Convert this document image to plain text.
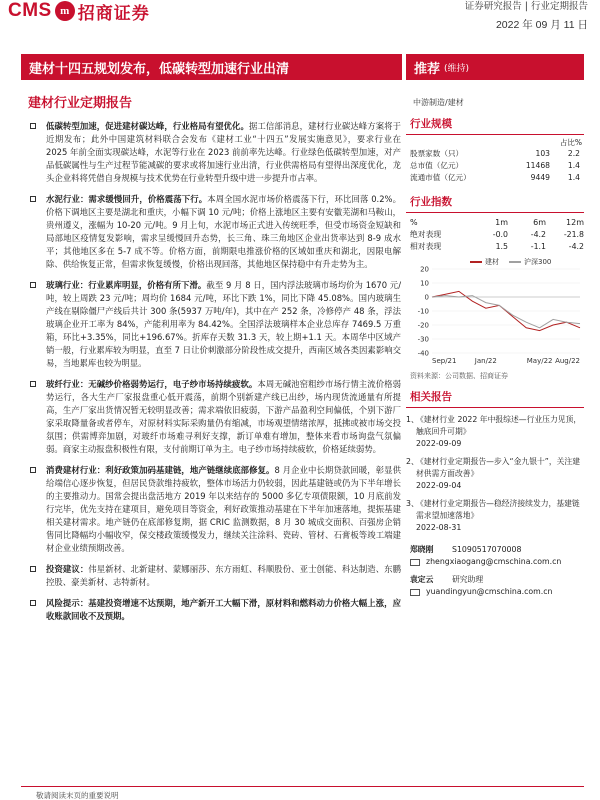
CMS m 招商证券	证券研究报告 | 行业定期报告
2022 年 09 月 11 日
建材十四五规划发布，低碳转型加速行业出清	推荐 (维持)
建材行业定期报告	中游制造/建材
低碳转型加速，促进建材碳达峰，行业格局有望优化。据工信部消息，建材行业碳达峰方案将于近期发布；此外中国建筑材料联合会发布《建材工业“十四五”发展实施意见》，要求行业在 2025 年前全面实现碳达峰，水泥等行业在 2023 前前率先达峰。行业绿色低碳转型加速，对产品低碳属性与生产过程节能减碳的要求或将加速行业出清，行业供需格局有望得出深度优化，龙头企业料将凭借自身规模与技术优势在行业转型升级中进一步提升市占率。
水泥行业：需求缓慢回升，价格震荡下行。本周全国水泥市场价格震荡下行，环比回落 0.2%。价格下调地区主要是湖北和重庆，小幅下调 10 元/吨；价格上涨地区主要有安徽芜湖和马鞍山，贵州遵义，涨幅为 10-20 元/吨。9 月上旬，水泥市场正式进入传统旺季，但受市场资金短缺和局部地区疫情复发影响，需求呈缓慢回升态势，长三角、珠三角地区企业出货率达到 8-9 成水平；其他地区多在 5-7 成不等。价格方面，前期限电推涨价格的区域如重庆和湖北，因限电解除、供给恢复正常，但需求恢复缓慢，价格出现回落，其他地区保持稳中有升走势为主。
玻璃行业：行业累库明显，价格有所下滑。截至 9 月 8 日，国内浮法玻璃市场均价为 1670 元/吨，较上周跌 23 元/吨；周均价 1684 元/吨，环比下跌 1%，同比下降 45.08%。国内玻璃生产线在剔除僵尸产线后共计 300 条(5937 万吨/年)，其中在产 252 条，冷修停产 48 条，浮法玻璃企业开工率为 84%，产能利用率为 84.42%。全国浮法玻璃样本企业总库存 7469.5 万重箱，环比+3.35%，同比+196.67%。折库存天数 31.3 天，较上期+1.1 天。本周华中区域产销一般，行业累库较为明显，直至 7 日让价刺激部分阶段性成交提升，西南区域各类因素影响交易，当地累库也较为明显。
玻纤行业：无碱纱价格弱势运行，电子纱市场持续疲软。本周无碱池窑粗纱市场行情主流价格弱势运行，各大生产厂家报盘重心低开震荡，前期个别新建产线已出纱，场内现货流通量有所提高，生产厂家出货情况暂无较明显改善；需求端依旧疲弱，下游产品盈利空间偏低，个别下游厂家采取降量备或者停车，对原材料实际采购量仍有缩减，市场观望情绪浓厚，抵拂或被市场交投氛围；供需博弈加剧，对玻纤市场难寻利好支撑，新订单难有增加，整体来看市场询盘气氛偏弱。商家主动报盘积极性有限，支付前期订单为主。电子纱市场持续疲软，价格延续弱势。
消费建材行业：利好政策加码基建链，地产链继续底部修复。8 月企业中长期贷款回暖，彰显供给端信心逐步恢复，但居民贷款维持疲软，整体市场活力仍较弱，因此基建链或仍为下半年增长的主要推动力。国常会提出盘活地方 2019 年以来结存的 5000 多亿专项债限额，10 月底前发行完毕，优先支持在建项目，避免项目等资金，利好政策推动基建在下半年加速落地，提振基建相关建材需求。地产链仍在底部修复期，据 CRIC 监测数据，8 月 30 城成交面积、百强房企销售同比降幅均小幅收窄，保交楼政策缓慢发力，继续关注涂料、瓷砖、管材、石膏板等竣工端建材企业业绩预期改善。
投资建议：伟星新材、北新建材、蒙娜丽莎、东方雨虹、科顺股份、亚士创能、科达制造、东鹏控股、豪美新材、志特新材。
风险提示：基建投资增速不达预期，地产新开工大幅下滑，原材料和燃料动力价格大幅上涨，应收账款回收不及预期。
行业规模
占比%
股票家数（只）	103	2.2
总市值（亿元）	11468	1.4
流通市值（亿元）	9449	1.4
行业指数
%	1m	6m	12m
绝对表现	-0.0	-4.2	-21.8
相对表现	1.5	-1.1	-4.2
建材	沪深300
20
10
0
-10
-20
-30
-40
Sep/21	Jan/22	May/22 Aug/22
资料来源：公司数据、招商证券
相关报告
1、
《建材行业 2022 年中报综述—行业压力见顶，触底回升可期》
2022-09-09
2、
《建材行业定期报告—步入“金九银十”，关注建材供需方面改善》
2022-09-04
3、
《建材行业定期报告—稳经济接续发力，基建链需求望加速落地》
2022-08-31
郑晓刚 S1090517070008
zhengxiaogang@cmschina.com.cn
袁定云 研究助理
yuandingyun@cmschina.com.cn
敬请阅读末页的重要说明
